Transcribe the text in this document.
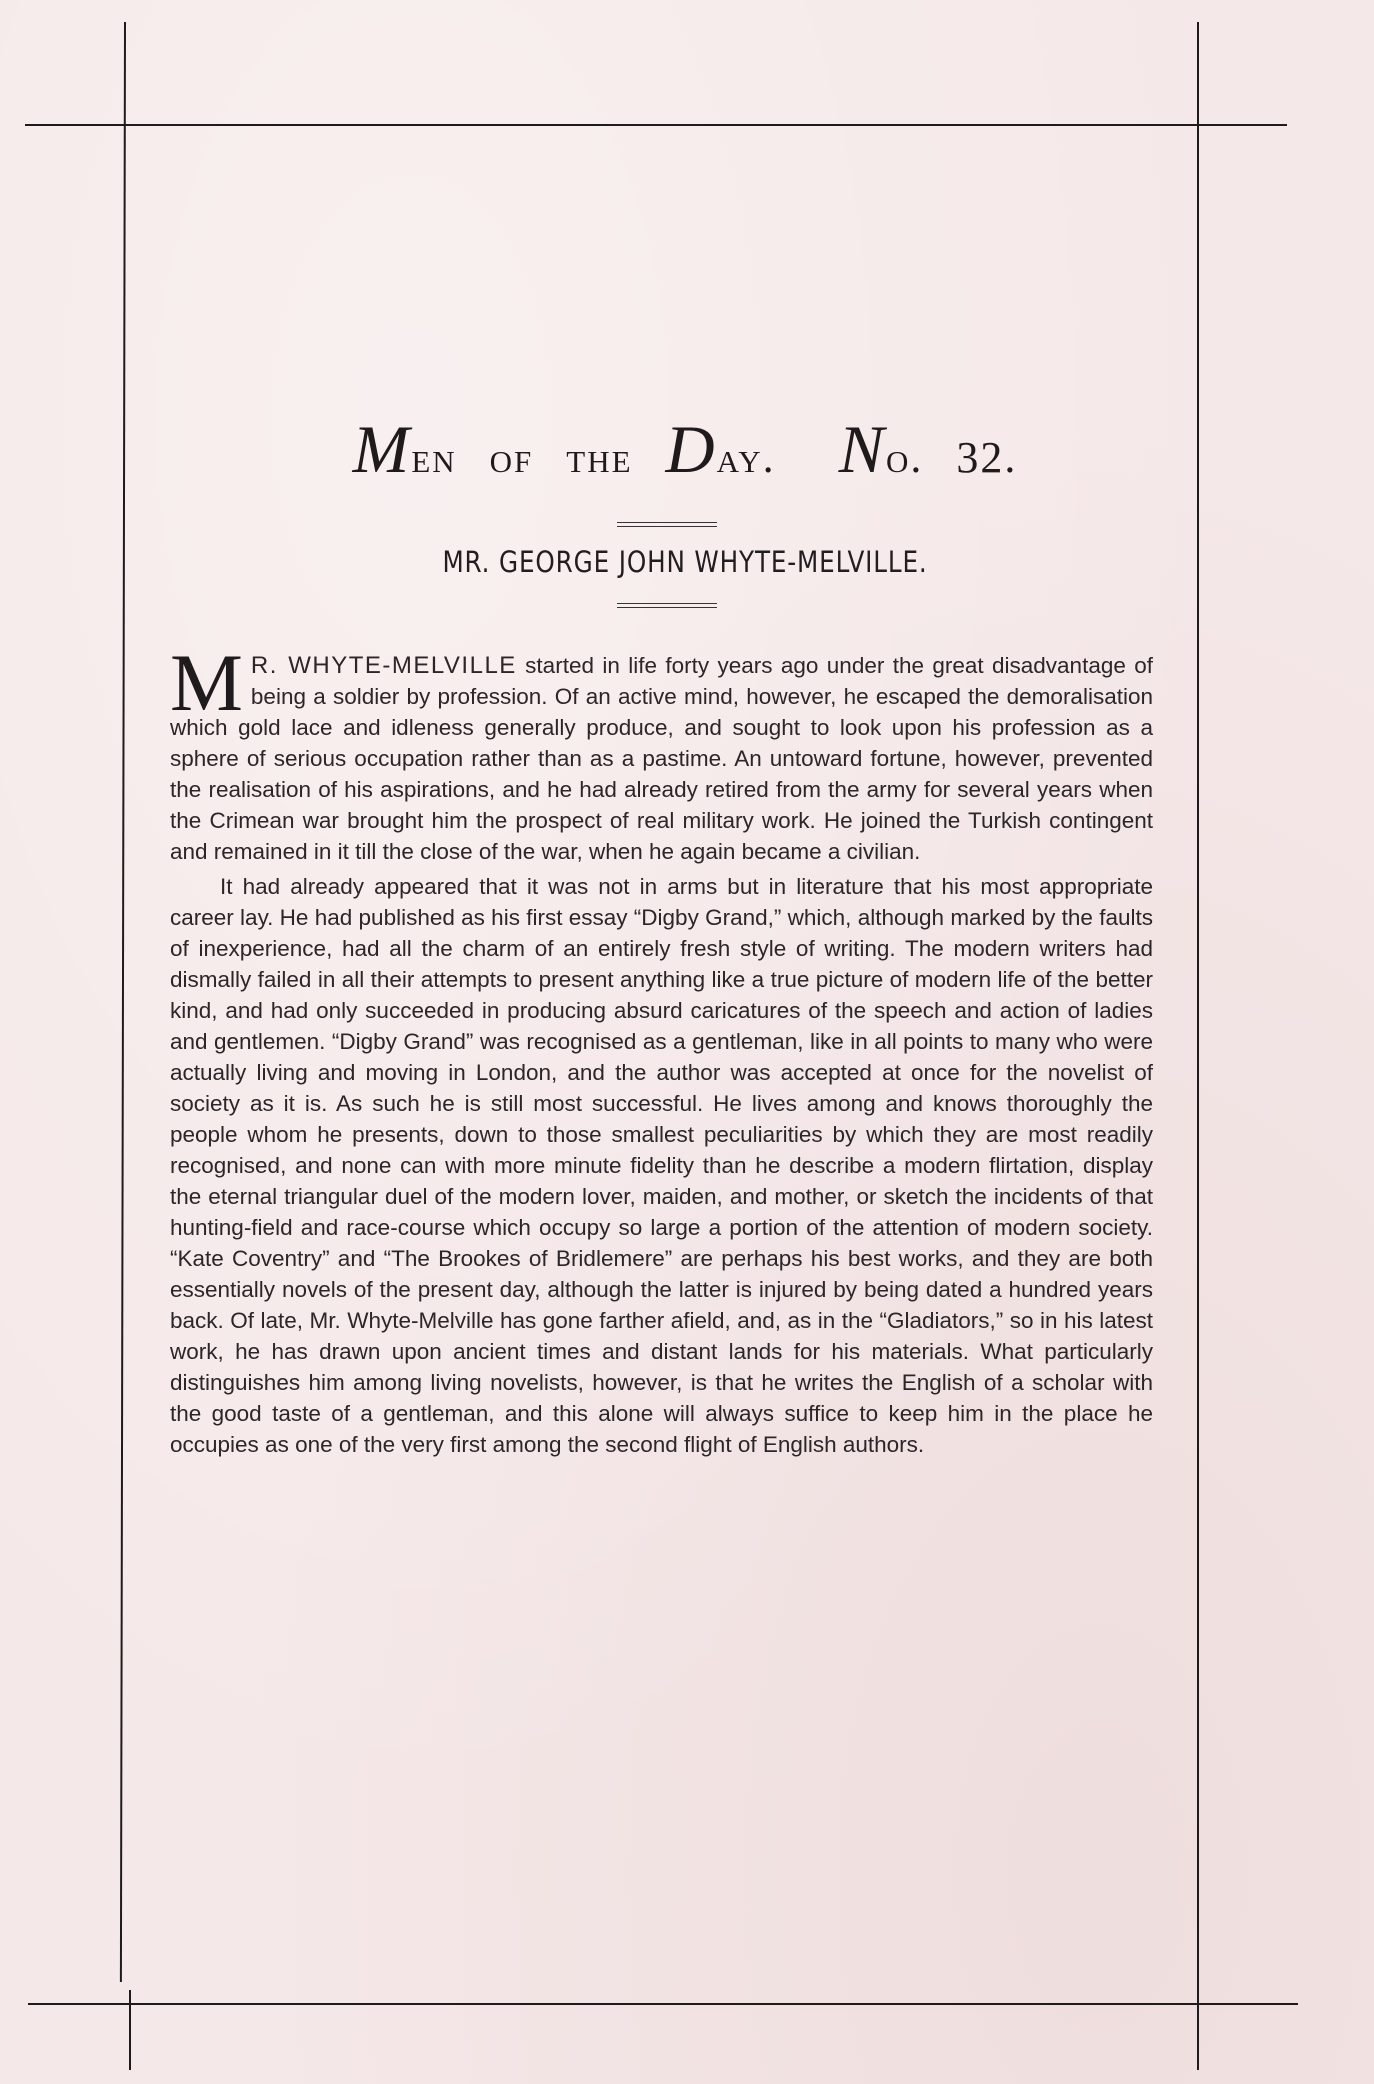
Men of the Day. No. 32.
MR. GEORGE JOHN WHYTE-MELVILLE.

M R. WHYTE-MELVILLE started in life forty years ago under the great disadvantage of being a soldier by profession. Of an active mind, however, he escaped the demoralisation which gold lace and idleness generally produce, and sought to look upon his profession as a sphere of serious occupation rather than as a pastime. An untoward fortune, however, prevented the realisation of his aspirations, and he had already retired from the army for several years when the Crimean war brought him the prospect of real military work. He joined the Turkish contingent and remained in it till the close of the war, when he again became a civilian.

It had already appeared that it was not in arms but in literature that his most appropriate career lay. He had published as his first essay “Digby Grand,” which, although marked by the faults of inexperience, had all the charm of an entirely fresh style of writing. The modern writers had dismally failed in all their attempts to present anything like a true picture of modern life of the better kind, and had only succeeded in producing absurd caricatures of the speech and action of ladies and gentlemen. “Digby Grand” was recognised as a gentleman, like in all points to many who were actually living and moving in London, and the author was accepted at once for the novelist of society as it is. As such he is still most successful. He lives among and knows thoroughly the people whom he presents, down to those smallest peculiarities by which they are most readily recognised, and none can with more minute fidelity than he describe a modern flirtation, display the eternal triangular duel of the modern lover, maiden, and mother, or sketch the incidents of that hunting-field and race-course which occupy so large a portion of the attention of modern society. “Kate Coventry” and “The Brookes of Bridlemere” are perhaps his best works, and they are both essentially novels of the present day, although the latter is injured by being dated a hundred years back. Of late, Mr. Whyte-Melville has gone farther afield, and, as in the “Gladiators,” so in his latest work, he has drawn upon ancient times and distant lands for his materials. What particularly distinguishes him among living novelists, however, is that he writes the English of a scholar with the good taste of a gentleman, and this alone will always suffice to keep him in the place he occupies as one of the very first among the second flight of English authors.
